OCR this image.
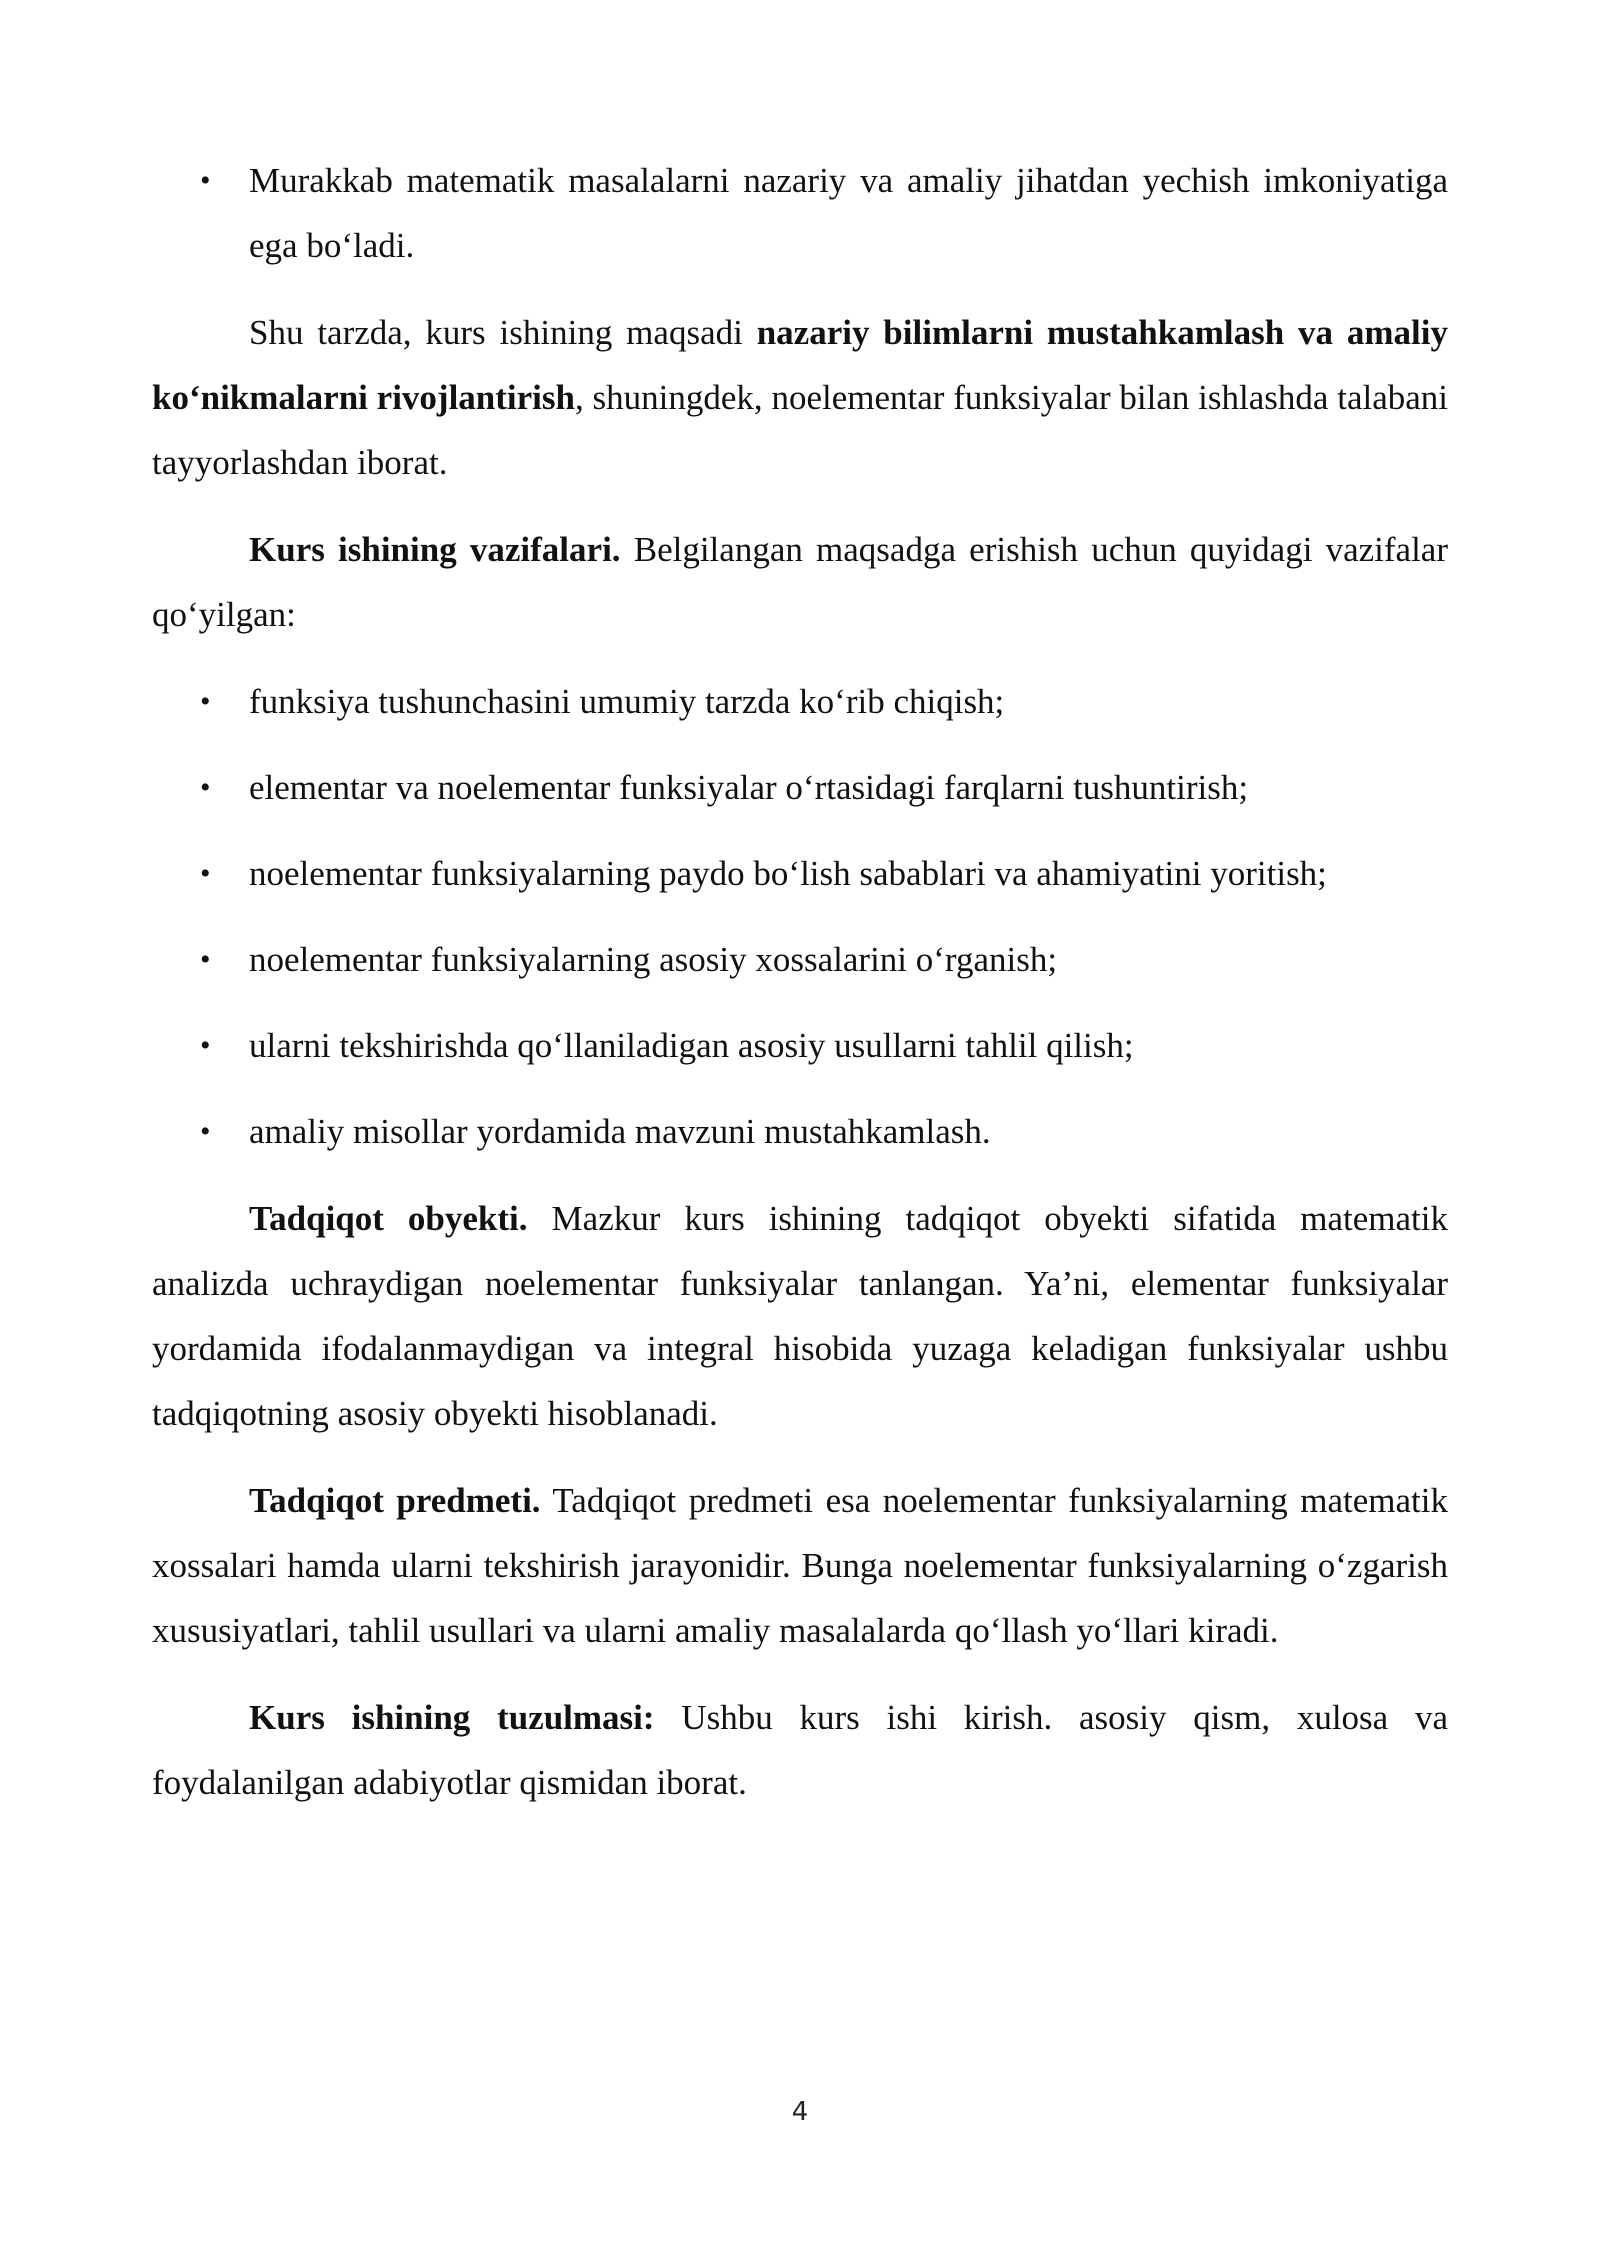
• Murakkab matematik masalalarni nazariy va amaliy jihatdan yechish imkoniyatiga ega bo‘ladi.

Shu tarzda, kurs ishining maqsadi nazariy bilimlarni mustahkamlash va amaliy ko‘nikmalarni rivojlantirish, shuningdek, noelementar funksiyalar bilan ishlashda talabani tayyorlashdan iborat.

Kurs ishining vazifalari. Belgilangan maqsadga erishish uchun quyidagi vazifalar qo‘yilgan:

• funksiya tushunchasini umumiy tarzda ko‘rib chiqish;
• elementar va noelementar funksiyalar o‘rtasidagi farqlarni tushuntirish;
• noelementar funksiyalarning paydo bo‘lish sabablari va ahamiyatini yoritish;
• noelementar funksiyalarning asosiy xossalarini o‘rganish;
• ularni tekshirishda qo‘llaniladigan asosiy usullarni tahlil qilish;
• amaliy misollar yordamida mavzuni mustahkamlash.

Tadqiqot obyekti. Mazkur kurs ishining tadqiqot obyekti sifatida matematik analizda uchraydigan noelementar funksiyalar tanlangan. Ya’ni, elementar funksiyalar yordamida ifodalanmaydigan va integral hisobida yuzaga keladigan funksiyalar ushbu tadqiqotning asosiy obyekti hisoblanadi.

Tadqiqot predmeti. Tadqiqot predmeti esa noelementar funksiyalarning matematik xossalari hamda ularni tekshirish jarayonidir. Bunga noelementar funksiyalarning o‘zgarish xususiyatlari, tahlil usullari va ularni amaliy masalalarda qo‘llash yo‘llari kiradi.

Kurs ishining tuzulmasi: Ushbu kurs ishi kirish. asosiy qism, xulosa va foydalanilgan adabiyotlar qismidan iborat.

4
